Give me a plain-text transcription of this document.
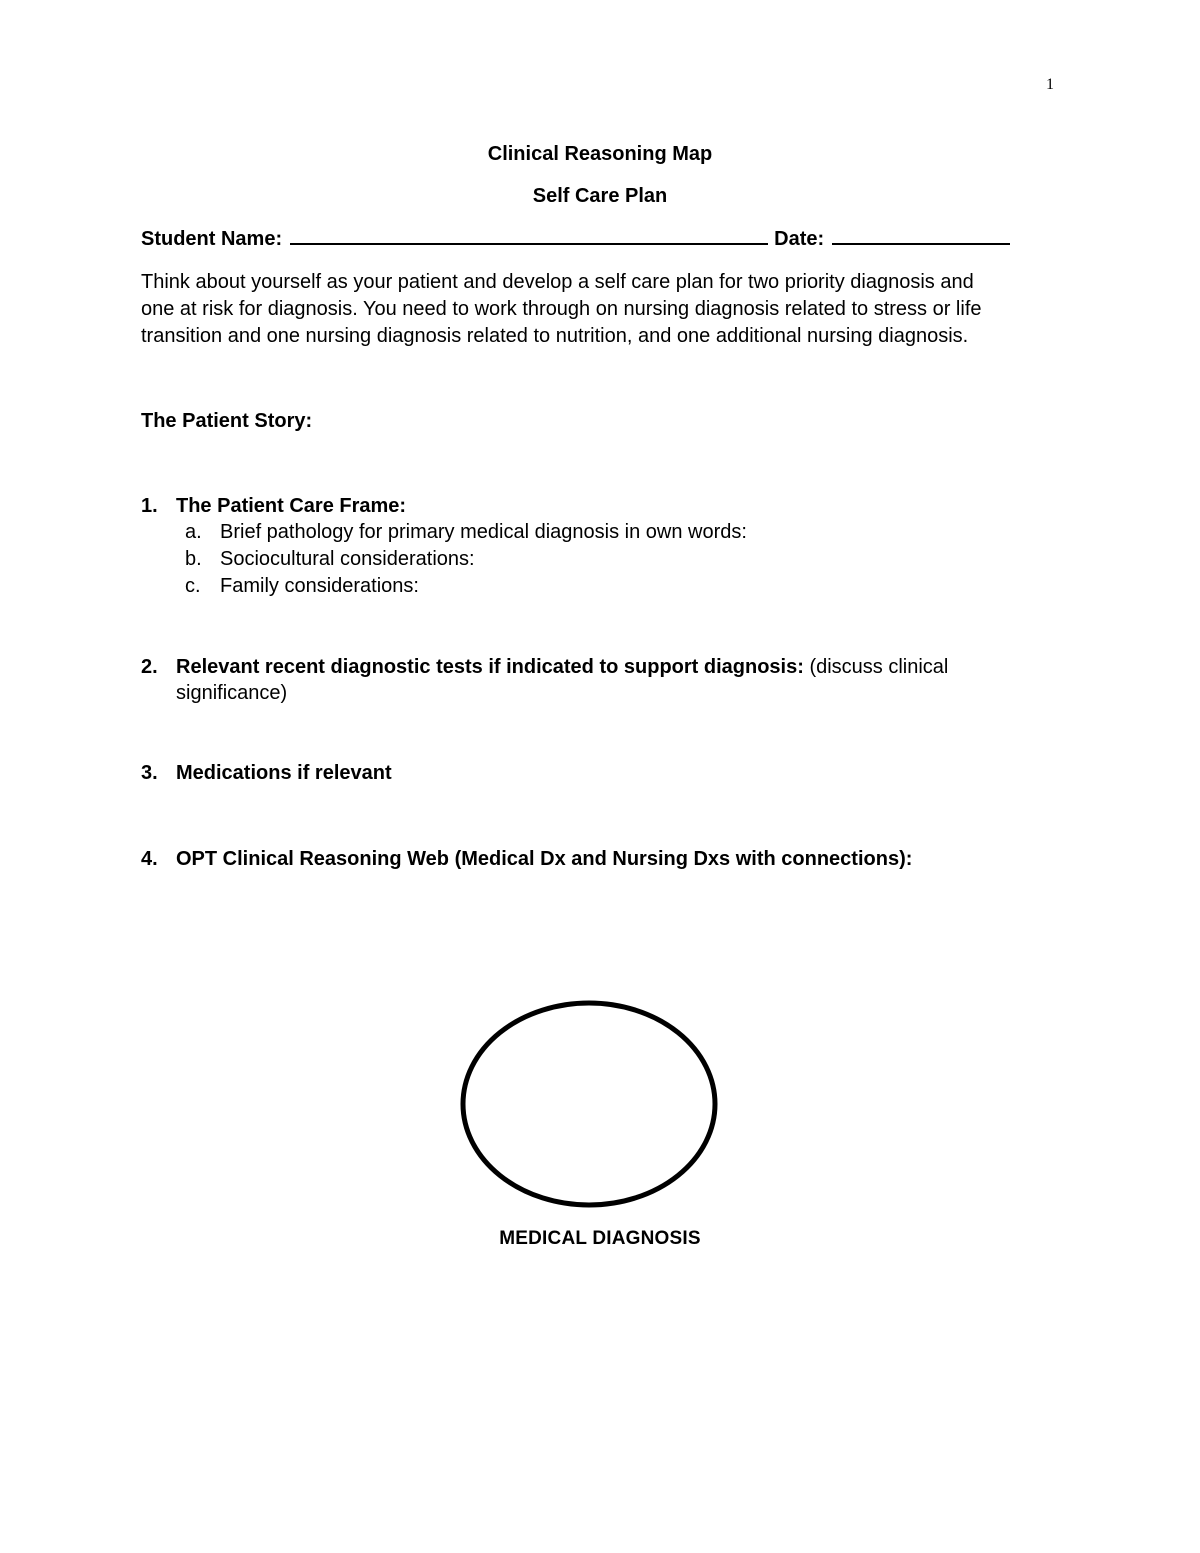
1
Clinical Reasoning Map
Self Care Plan
Student Name:	Date:
Think about yourself as your patient and develop a self care plan for two priority diagnosis and
one at risk for diagnosis. You need to work through on nursing diagnosis related to stress or life
transition and one nursing diagnosis related to nutrition, and one additional nursing diagnosis.
The Patient Story:
1. The Patient Care Frame:
a. Brief pathology for primary medical diagnosis in own words:
b. Sociocultural considerations:
c. Family considerations:
2. Relevant recent diagnostic tests if indicated to support diagnosis: (discuss clinical
significance)
3. Medications if relevant
4. OPT Clinical Reasoning Web (Medical Dx and Nursing Dxs with connections):
MEDICAL DIAGNOSIS
